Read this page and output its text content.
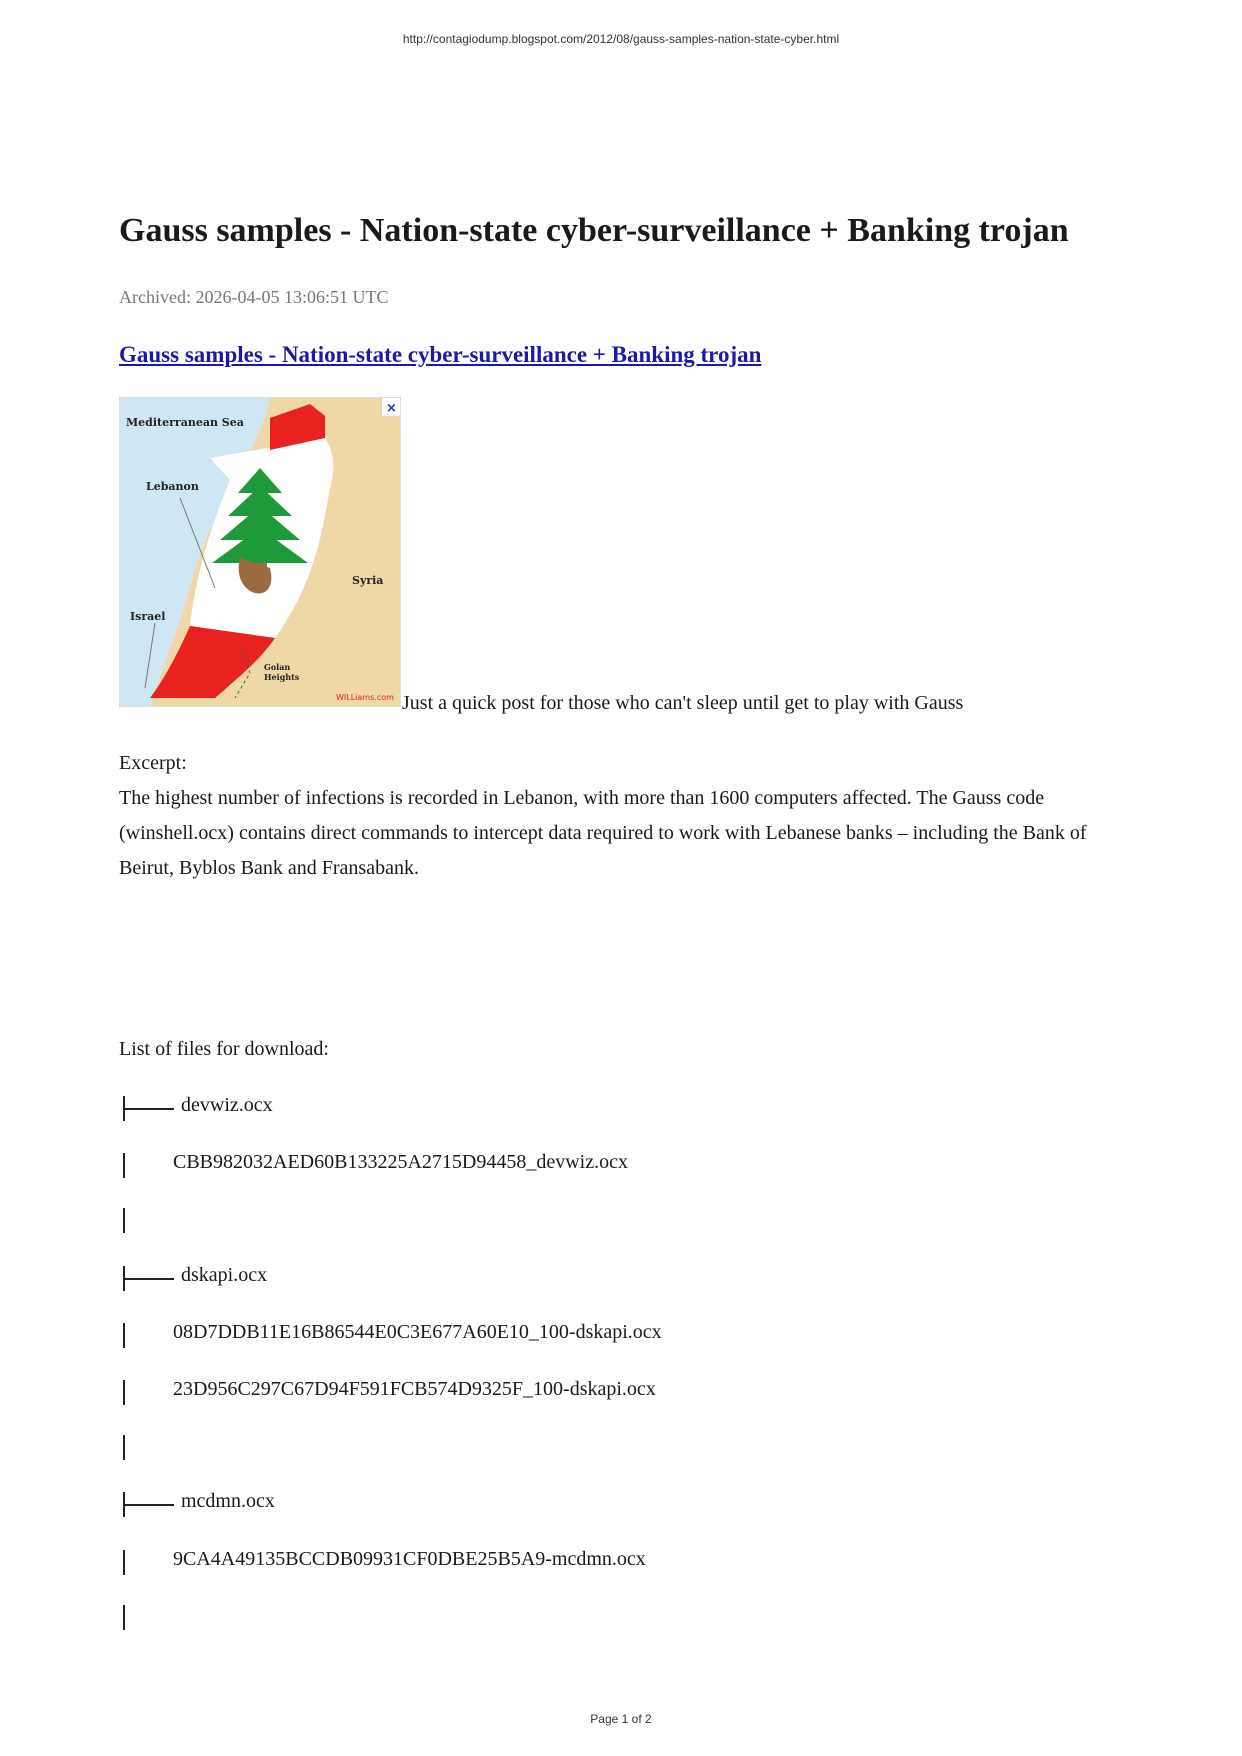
http://contagiodump.blogspot.com/2012/08/gauss-samples-nation-state-cyber.html
Gauss samples - Nation-state cyber-surveillance + Banking trojan
Archived: 2026-04-05 13:06:51 UTC
Gauss samples - Nation-state cyber-surveillance + Banking trojan
Mediterranean Sea
Lebanon
Syria
Israel
Golan
Heights
WILLiams.com
×
Just a quick post for those who can't sleep until get to play with Gauss

Excerpt:

The highest number of infections is recorded in Lebanon, with more than 1600 computers affected. The Gauss code (winshell.ocx) contains direct commands to intercept data required to work with Lebanese banks – including the Bank of Beirut, Byblos Bank and Fransabank.

List of files for download:
devwiz.ocx
CBB982032AED60B133225A2715D94458_devwiz.ocx
dskapi.ocx
08D7DDB11E16B86544E0C3E677A60E10_100-dskapi.ocx
23D956C297C67D94F591FCB574D9325F_100-dskapi.ocx
mcdmn.ocx
9CA4A49135BCCDB09931CF0DBE25B5A9-mcdmn.ocx
Page 1 of 2
